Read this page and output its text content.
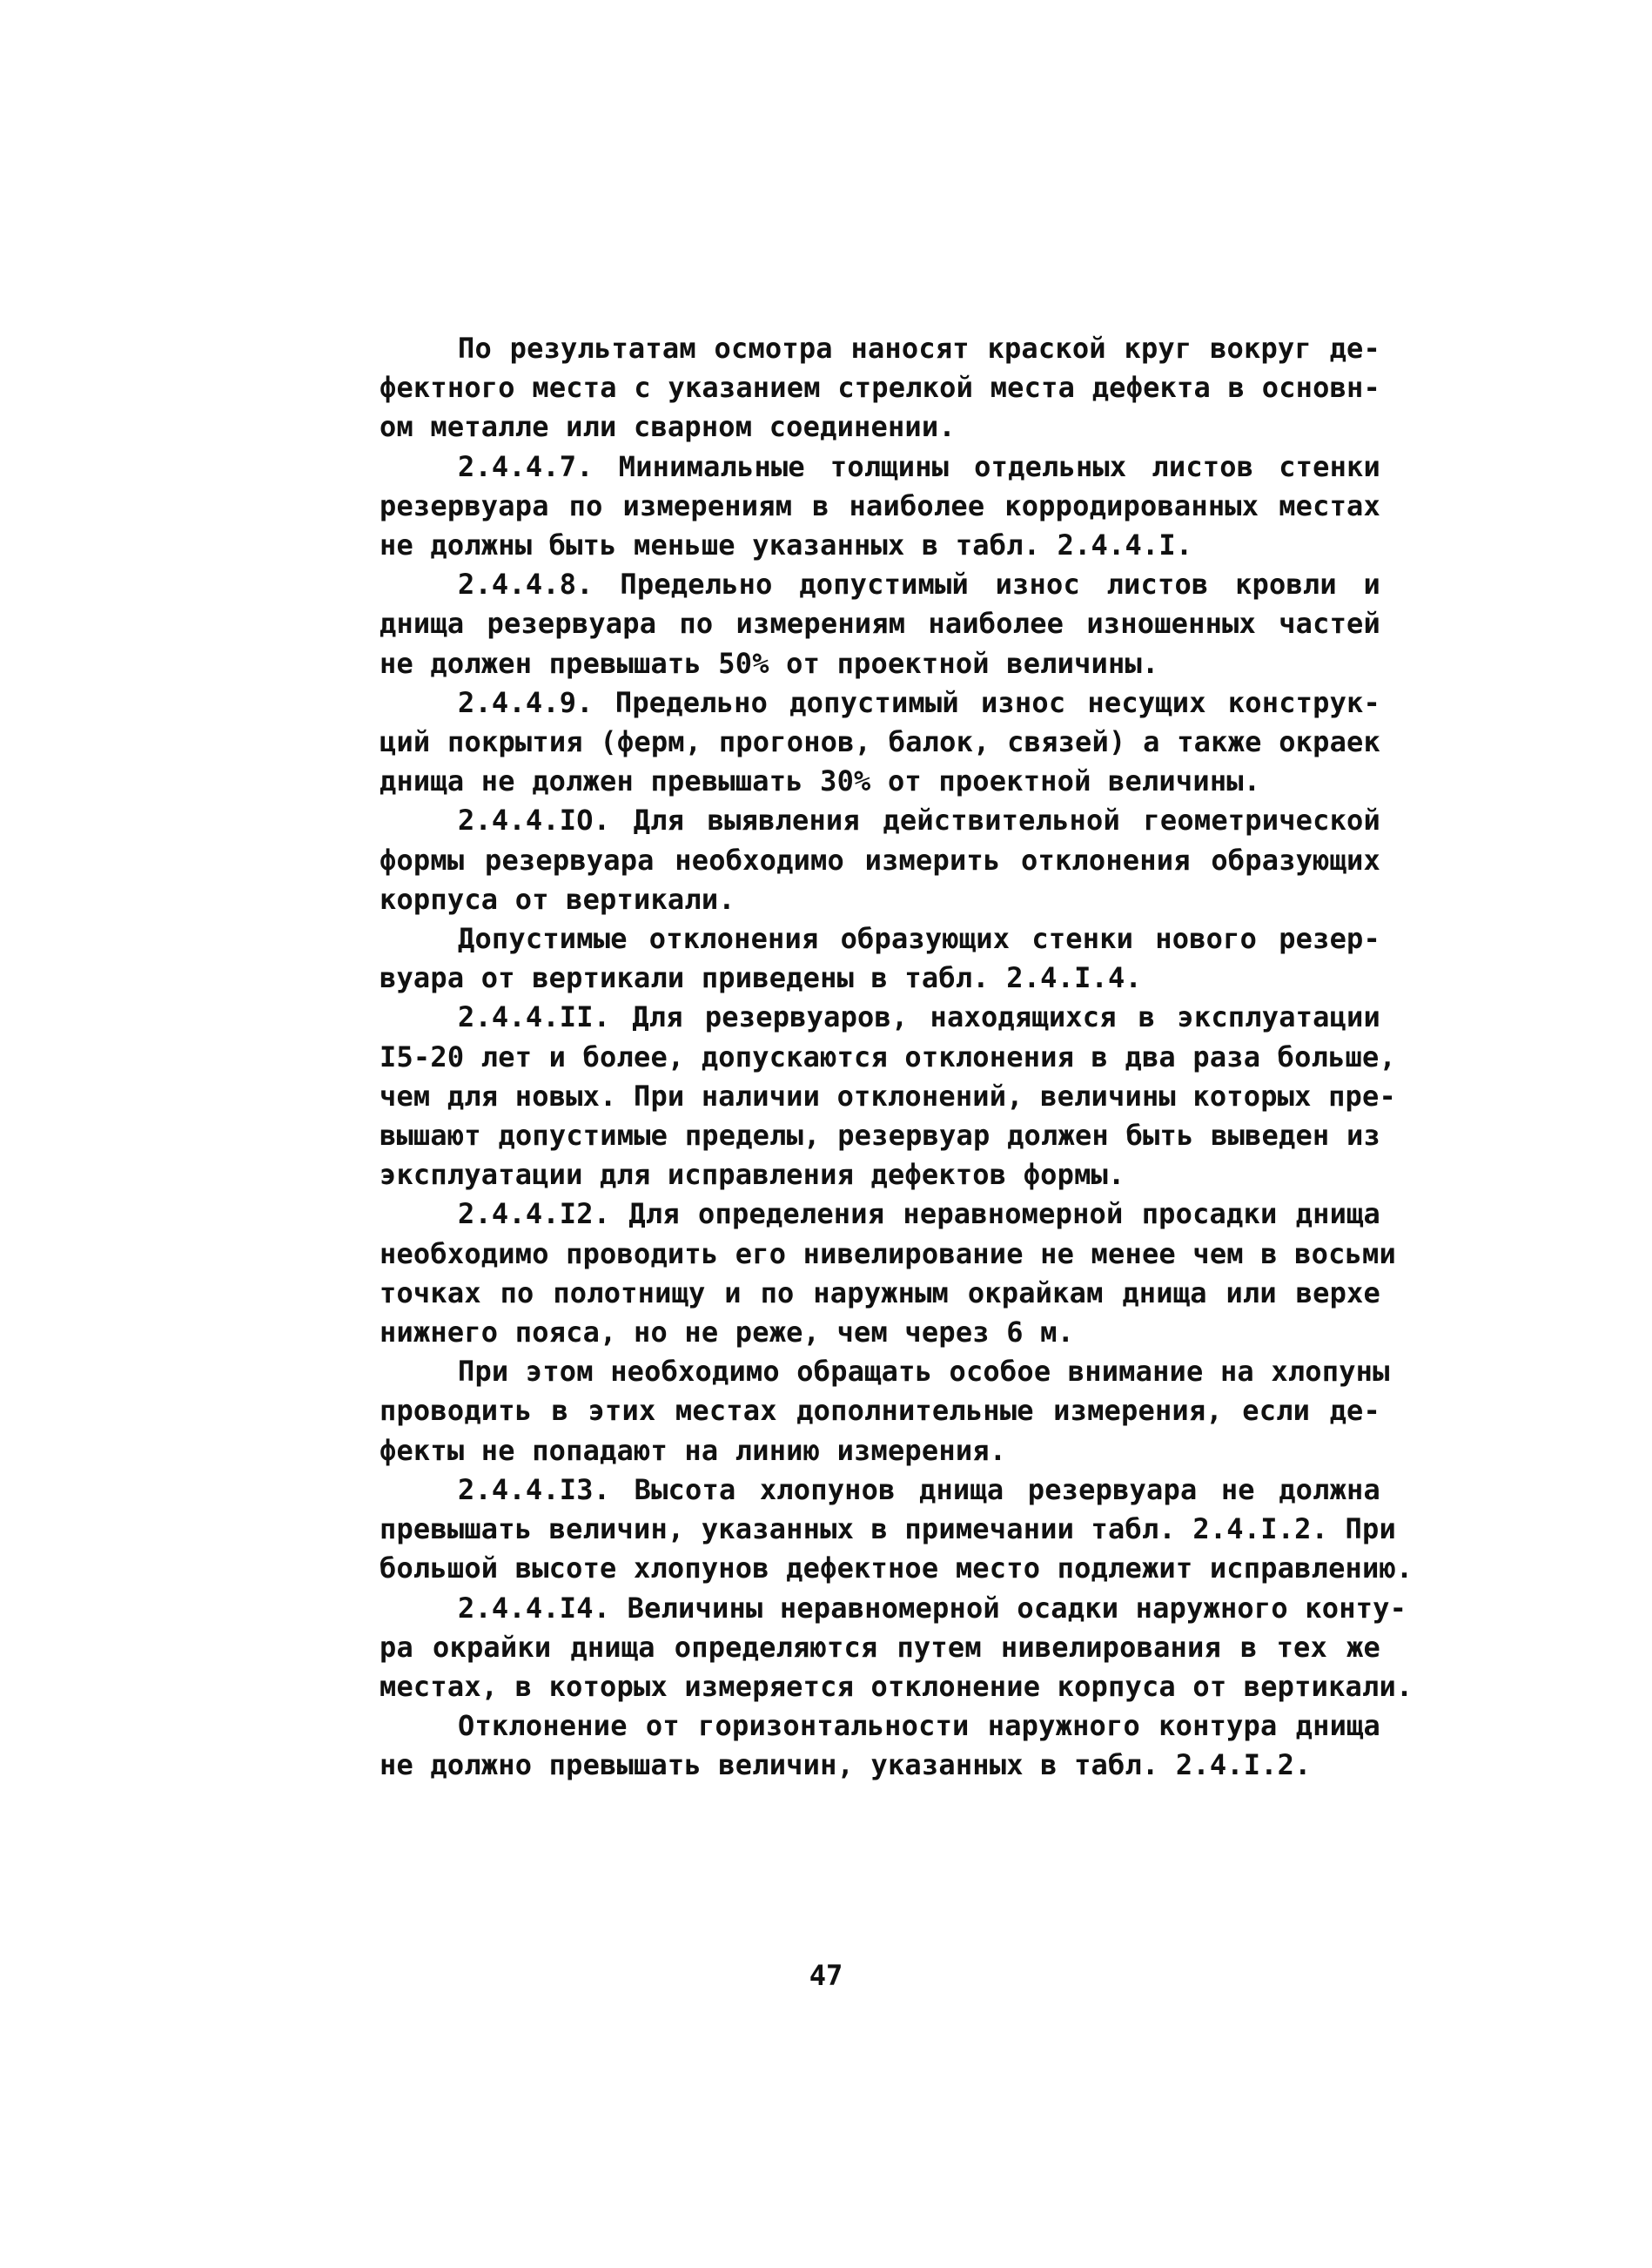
По результатам осмотра наносят краской круг вокруг де-
фектного места с указанием стрелкой места дефекта в основн-
ом металле или сварном соединении.

2.4.4.7. Минимальные толщины отдельных листов стенки
резервуара по измерениям в наиболее корродированных местах
не должны быть меньше указанных в табл. 2.4.4.I.

2.4.4.8. Предельно допустимый износ листов кровли и
днища резервуара по измерениям наиболее изношенных частей
не должен превышать 50% от проектной величины.

2.4.4.9. Предельно допустимый износ несущих конструк-
ций покрытия (ферм, прогонов, балок, связей) а также окраек
днища не должен превышать 30% от проектной величины.

2.4.4.IO. Для выявления действительной геометрической
формы резервуара необходимо измерить отклонения образующих
корпуса от вертикали.

Допустимые отклонения образующих стенки нового резер-
вуара от вертикали приведены в табл. 2.4.I.4.

2.4.4.II. Для резервуаров, находящихся в эксплуатации
I5-20 лет и более, допускаются отклонения в два раза больше,
чем для новых. При наличии отклонений, величины которых пре-
вышают допустимые пределы, резервуар должен быть выведен из
эксплуатации для исправления дефектов формы.

2.4.4.I2. Для определения неравномерной просадки днища
необходимо проводить его нивелирование не менее чем в восьми
точках по полотнищу и по наружным окрайкам днища или верхе
нижнего пояса, но не реже, чем через 6 м.

При этом необходимо обращать особое внимание на хлопуны
проводить в этих местах дополнительные измерения, если де-
фекты не попадают на линию измерения.

2.4.4.I3. Высота хлопунов днища резервуара не должна
превышать величин, указанных в примечании табл. 2.4.I.2. При
большой высоте хлопунов дефектное место подлежит исправлению.

2.4.4.I4. Величины неравномерной осадки наружного конту-
ра окрайки днища определяются путем нивелирования в тех же
местах, в которых измеряется отклонение корпуса от вертикали.

Отклонение от горизонтальности наружного контура днища
не должно превышать величин, указанных в табл. 2.4.I.2.

47
